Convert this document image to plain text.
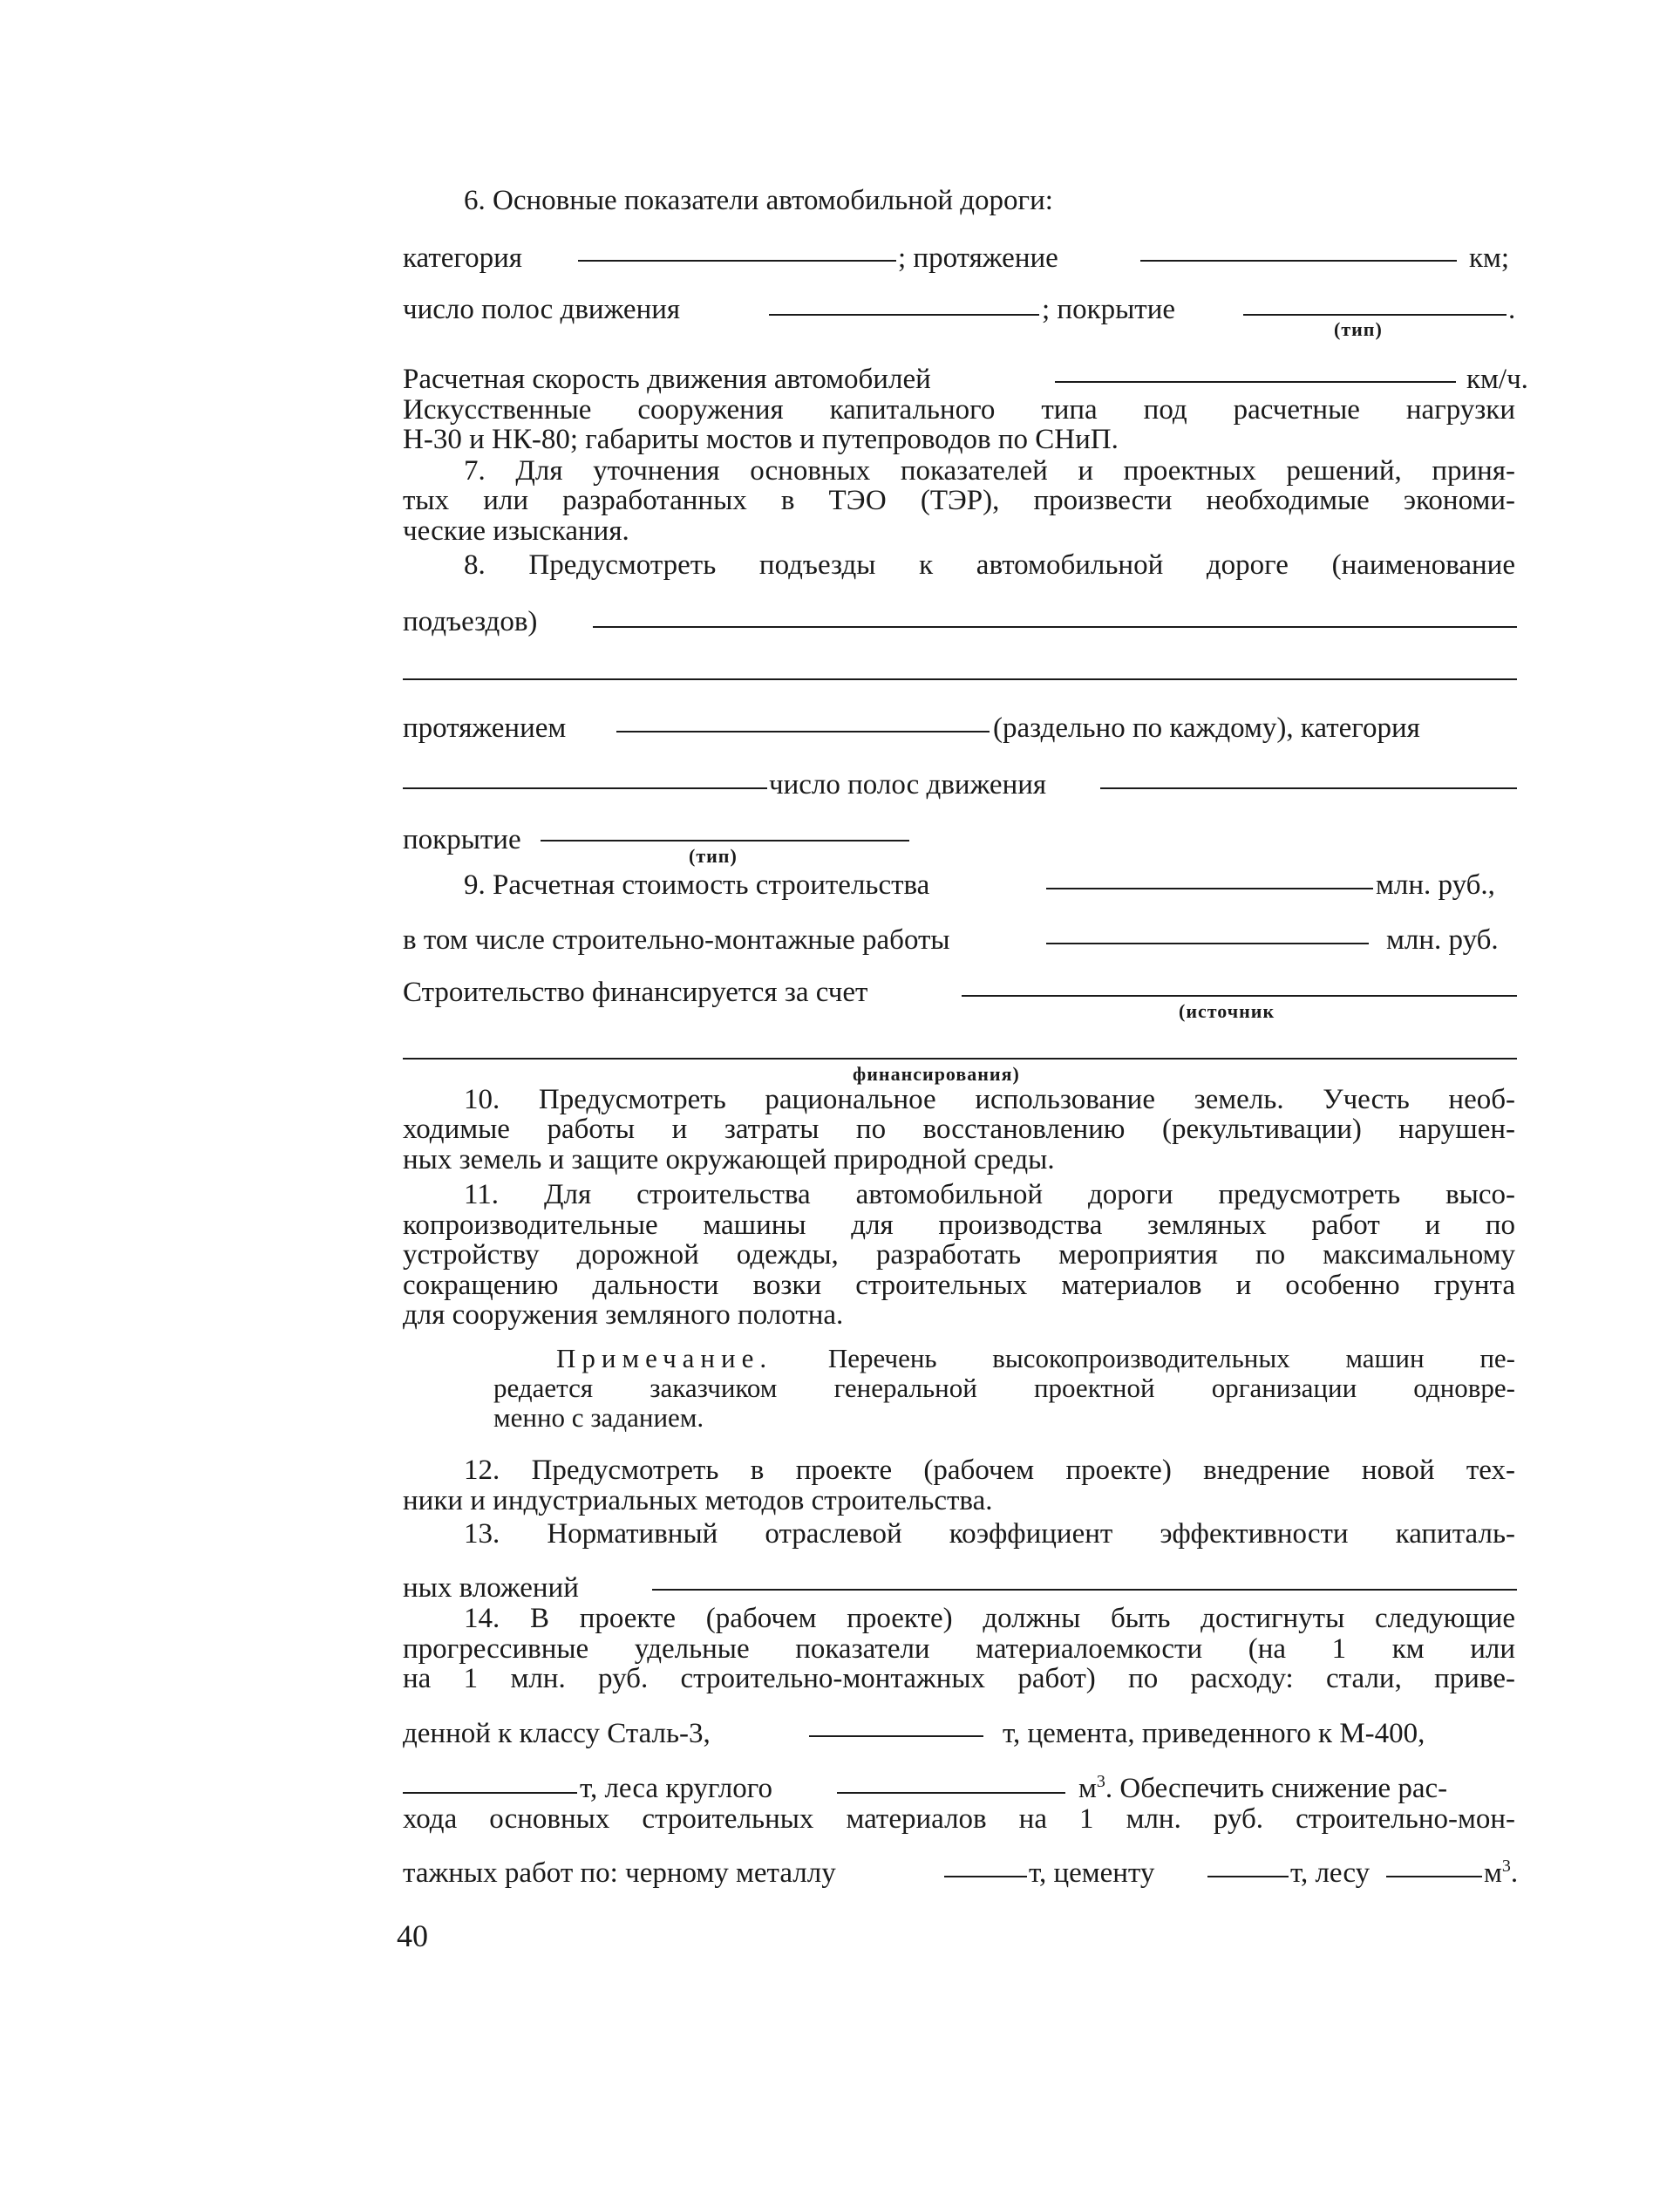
6. Основные показатели автомобильной дороги:
категория	; протяжение	км;
число полос движения	; покрытие	.
(тип)
Расчетная скорость движения автомобилей	км/ч.
Искусственные сооружения капитального типа под расчетные нагрузки
Н-30 и НК-80; габариты мостов и путепроводов по СНиП.
7. Для уточнения основных показателей и проектных решений, приня-
тых или разработанных в ТЭО (ТЭР), произвести необходимые экономи-
ческие изыскания.
8. Предусмотреть подъезды к автомобильной дороге (наименование
подъездов)
протяжением	(раздельно по каждому), категория
число полос движения
покрытие
(тип)
9. Расчетная стоимость строительства	млн. руб.,
в том числе строительно-монтажные работы	млн. руб.
Строительство финансируется за счет
(источник
финансирования)
10. Предусмотреть рациональное использование земель. Учесть необ-
ходимые работы и затраты по восстановлению (рекультивации) нарушен-
ных земель и защите окружающей природной среды.
11. Для строительства автомобильной дороги предусмотреть высо-
копроизводительные машины для производства земляных работ и по
устройству дорожной одежды, разработать мероприятия по максимальному
сокращению дальности возки строительных материалов и особенно грунта
для сооружения земляного полотна.
Примечание. Перечень высокопроизводительных машин пе-
редается заказчиком генеральной проектной организации одновре-
менно с заданием.
12. Предусмотреть в проекте (рабочем проекте) внедрение новой тех-
ники и индустриальных методов строительства.
13. Нормативный отраслевой коэффициент эффективности капиталь-
ных вложений
14. В проекте (рабочем проекте) должны быть достигнуты следующие
прогрессивные удельные показатели материалоемкости (на 1 км или
на 1 млн. руб. строительно-монтажных работ) по расходу: стали, приве-
денной к классу Сталь-3,	т, цемента, приведенного к М-400,
т, леса круглого	$м^3$. Обеспечить снижение рас-
хода основных строительных материалов на 1 млн. руб. строительно-мон-
тажных работ по: черному металлу	т, цементу	т, лесу	$м^3$.
40
